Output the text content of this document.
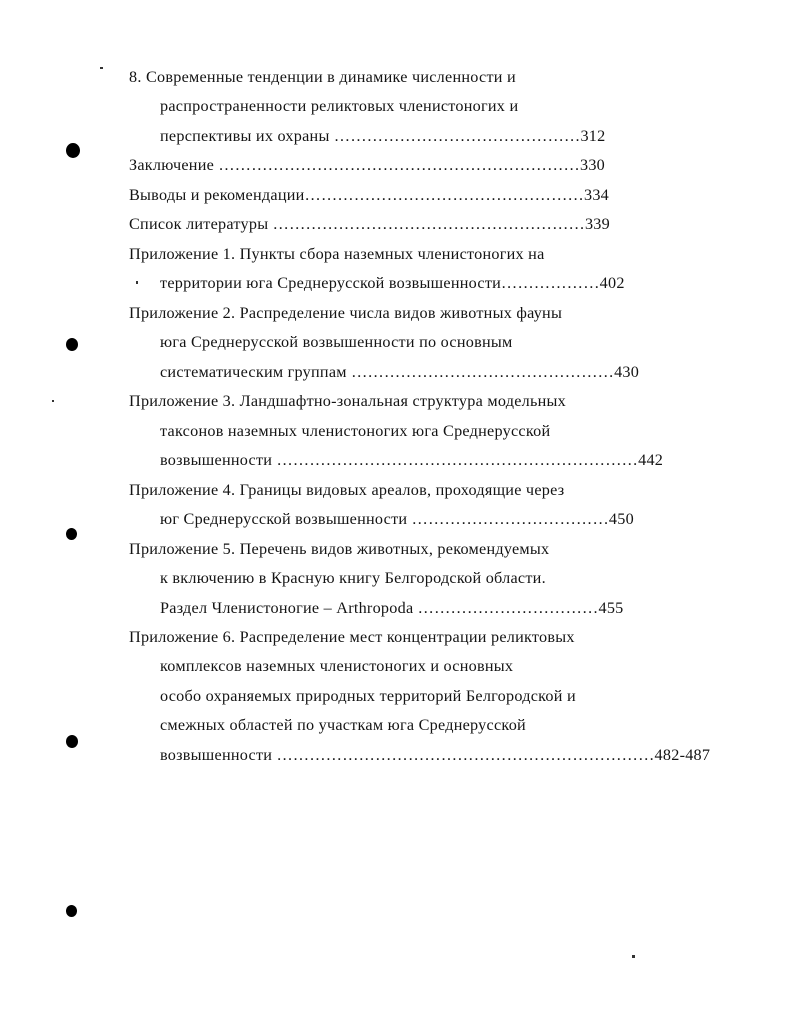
8. Современные тенденции в динамике численности и
распространенности реликтовых членистоногих и
перспективы их охраны ………………………………………312
Заключение …………………………………………………………330
Выводы и рекомендации……………………………………………334
Список литературы …………………………………………………339
Приложение 1. Пункты сбора наземных членистоногих на
территории юга Среднерусской возвышенности………………402
Приложение 2. Распределение числа видов животных фауны
юга Среднерусской возвышенности по основным
систематическим группам …………………………………………430
Приложение 3. Ландшафтно-зональная структура модельных
таксонов наземных членистоногих юга Среднерусской
возвышенности …………………………………………………………442
Приложение 4. Границы видовых ареалов, проходящие через
юг Среднерусской возвышенности ………………………………450
Приложение 5. Перечень видов животных, рекомендуемых
к включению в Красную книгу Белгородской области.
Раздел Членистоногие – Arthropoda ……………………………455
Приложение 6. Распределение мест концентрации реликтовых
комплексов наземных членистоногих и основных
особо охраняемых природных территорий Белгородской и
смежных областей по участкам юга Среднерусской
возвышенности ……………………………………………………………482-487
